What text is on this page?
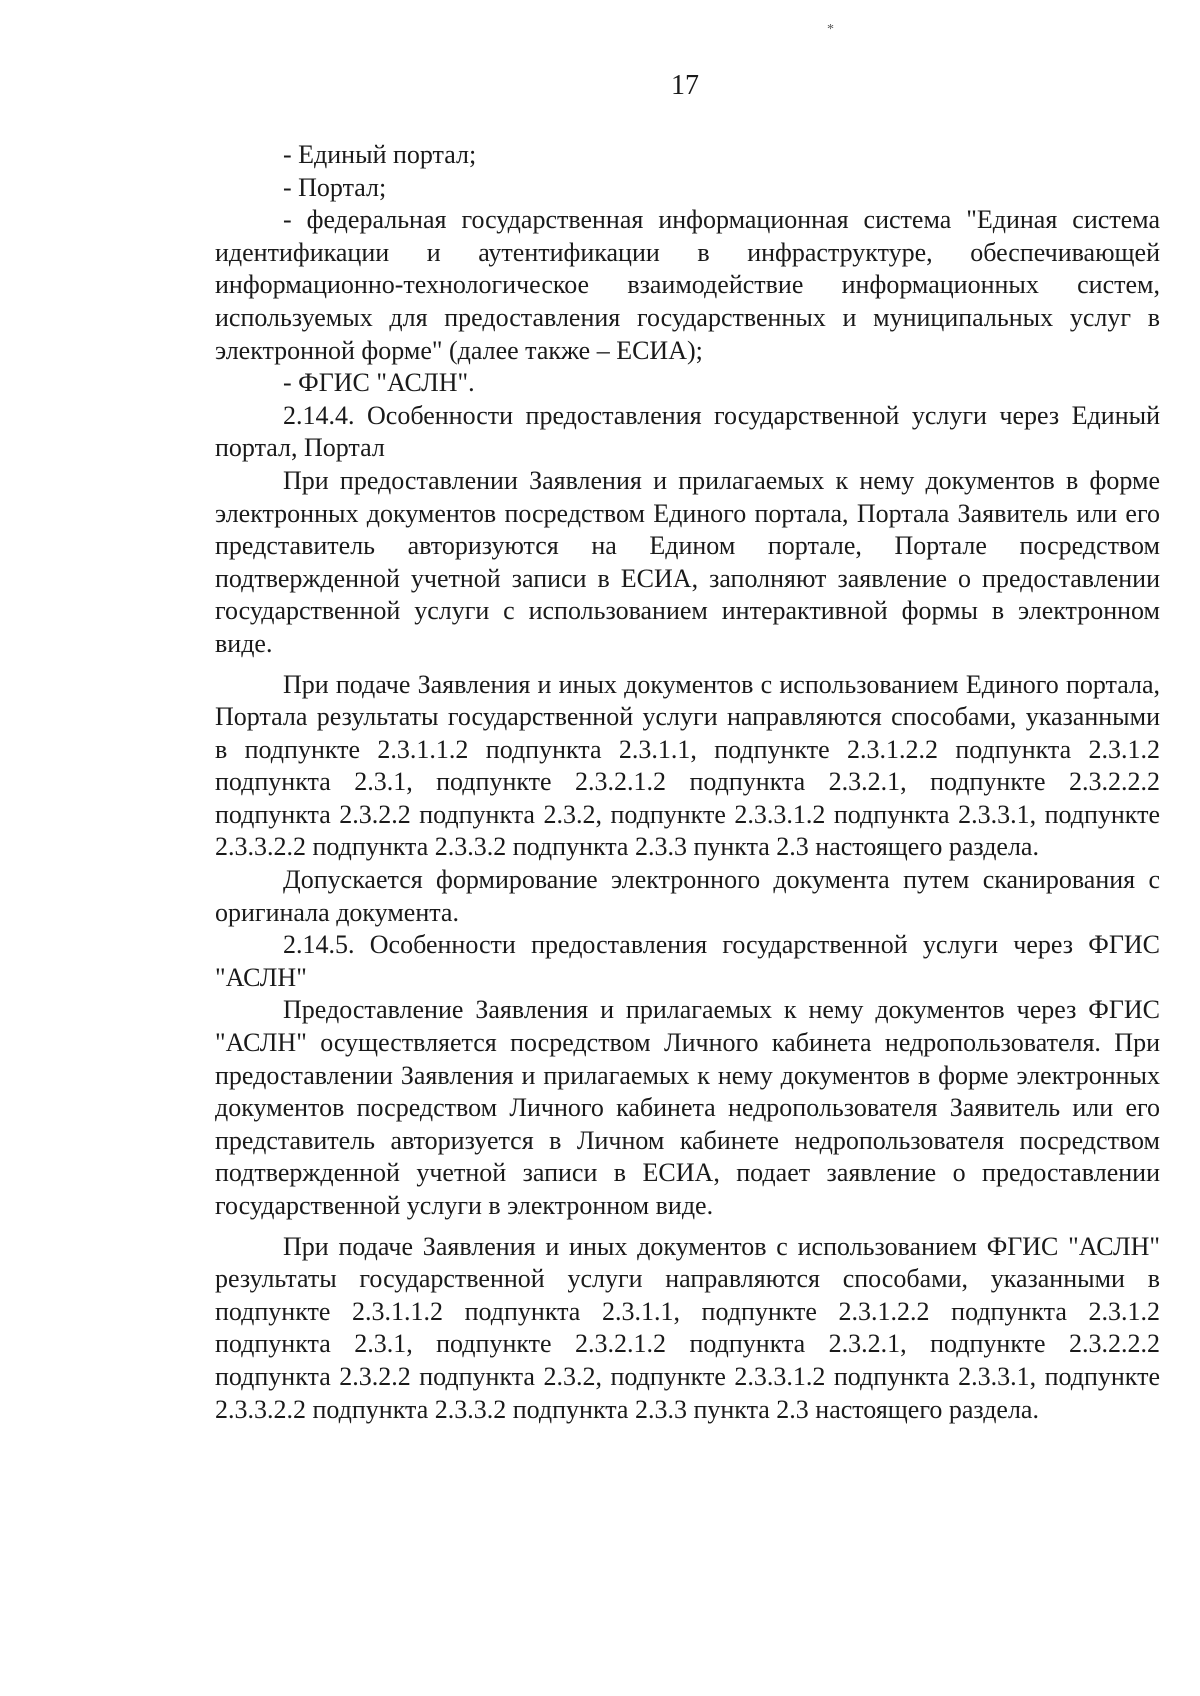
*
17

- Единый портал;

- Портал;

- федеральная государственная информационная система "Единая система идентификации и аутентификации в инфраструктуре, обеспечивающей информационно-технологическое взаимодействие информационных систем, используемых для предоставления государственных и муниципальных услуг в электронной форме" (далее также – ЕСИА);

- ФГИС "АСЛН".

2.14.4. Особенности предоставления государственной услуги через Единый портал, Портал

При предоставлении Заявления и прилагаемых к нему документов в форме электронных документов посредством Единого портала, Портала Заявитель или его представитель авторизуются на Едином портале, Портале посредством подтвержденной учетной записи в ЕСИА, заполняют заявление о предоставлении государственной услуги с использованием интерактивной формы в электронном виде.

При подаче Заявления и иных документов с использованием Единого портала, Портала результаты государственной услуги направляются способами, указанными в подпункте 2.3.1.1.2 подпункта 2.3.1.1, подпункте 2.3.1.2.2 подпункта 2.3.1.2 подпункта 2.3.1, подпункте 2.3.2.1.2 подпункта 2.3.2.1, подпункте 2.3.2.2.2 подпункта 2.3.2.2 подпункта 2.3.2, подпункте 2.3.3.1.2 подпункта 2.3.3.1, подпункте 2.3.3.2.2 подпункта 2.3.3.2 подпункта 2.3.3 пункта 2.3 настоящего раздела.

Допускается формирование электронного документа путем сканирования с оригинала документа.

2.14.5. Особенности предоставления государственной услуги через ФГИС "АСЛН"

Предоставление Заявления и прилагаемых к нему документов через ФГИС "АСЛН" осуществляется посредством Личного кабинета недропользователя. При предоставлении Заявления и прилагаемых к нему документов в форме электронных документов посредством Личного кабинета недропользователя Заявитель или его представитель авторизуется в Личном кабинете недропользователя посредством подтвержденной учетной записи в ЕСИА, подает заявление о предоставлении государственной услуги в электронном виде.

При подаче Заявления и иных документов с использованием ФГИС "АСЛН" результаты государственной услуги направляются способами, указанными в подпункте 2.3.1.1.2 подпункта 2.3.1.1, подпункте 2.3.1.2.2 подпункта 2.3.1.2 подпункта 2.3.1, подпункте 2.3.2.1.2 подпункта 2.3.2.1, подпункте 2.3.2.2.2 подпункта 2.3.2.2 подпункта 2.3.2, подпункте 2.3.3.1.2 подпункта 2.3.3.1, подпункте 2.3.3.2.2 подпункта 2.3.3.2 подпункта 2.3.3 пункта 2.3 настоящего раздела.
